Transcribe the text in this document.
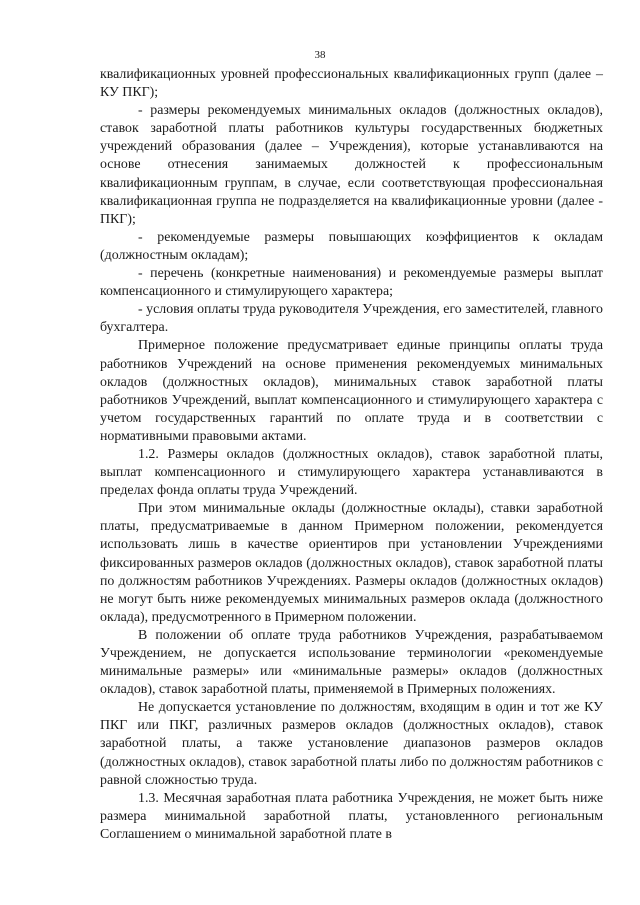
38

квалификационных уровней профессиональных квалификационных групп (далее – КУ ПКГ);

- размеры рекомендуемых минимальных окладов (должностных окладов), ставок заработной платы работников культуры государственных бюджетных учреждений образования (далее – Учреждения), которые устанавливаются на основе отнесения занимаемых должностей к профессиональным квалификационным группам, в случае, если соответствующая профессиональная квалификационная группа не подразделяется на квалификационные уровни (далее - ПКГ);

- рекомендуемые размеры повышающих коэффициентов к окладам (должностным окладам);

- перечень (конкретные наименования) и рекомендуемые размеры выплат компенсационного и стимулирующего характера;

- условия оплаты труда руководителя Учреждения, его заместителей, главного бухгалтера.

Примерное положение предусматривает единые принципы оплаты труда работников Учреждений на основе применения рекомендуемых минимальных окладов (должностных окладов), минимальных ставок заработной платы работников Учреждений, выплат компенсационного и стимулирующего характера с учетом государственных гарантий по оплате труда и в соответствии с нормативными правовыми актами.

1.2. Размеры окладов (должностных окладов), ставок заработной платы, выплат компенсационного и стимулирующего характера устанавливаются в пределах фонда оплаты труда Учреждений.

При этом минимальные оклады (должностные оклады), ставки заработной платы, предусматриваемые в данном Примерном положении, рекомендуется использовать лишь в качестве ориентиров при установлении Учреждениями фиксированных размеров окладов (должностных окладов), ставок заработной платы по должностям работников Учреждениях. Размеры окладов (должностных окладов) не могут быть ниже рекомендуемых минимальных размеров оклада (должностного оклада), предусмотренного в Примерном положении.

В положении об оплате труда работников Учреждения, разрабатываемом Учреждением, не допускается использование терминологии «рекомендуемые минимальные размеры» или «минимальные размеры» окладов (должностных окладов), ставок заработной платы, применяемой в Примерных положениях.

Не допускается установление по должностям, входящим в один и тот же КУ ПКГ или ПКГ, различных размеров окладов (должностных окладов), ставок заработной платы, а также установление диапазонов размеров окладов (должностных окладов), ставок заработной платы либо по должностям работников с равной сложностью труда.

1.3. Месячная заработная плата работника Учреждения, не может быть ниже размера минимальной заработной платы, установленного региональным Соглашением о минимальной заработной плате в
